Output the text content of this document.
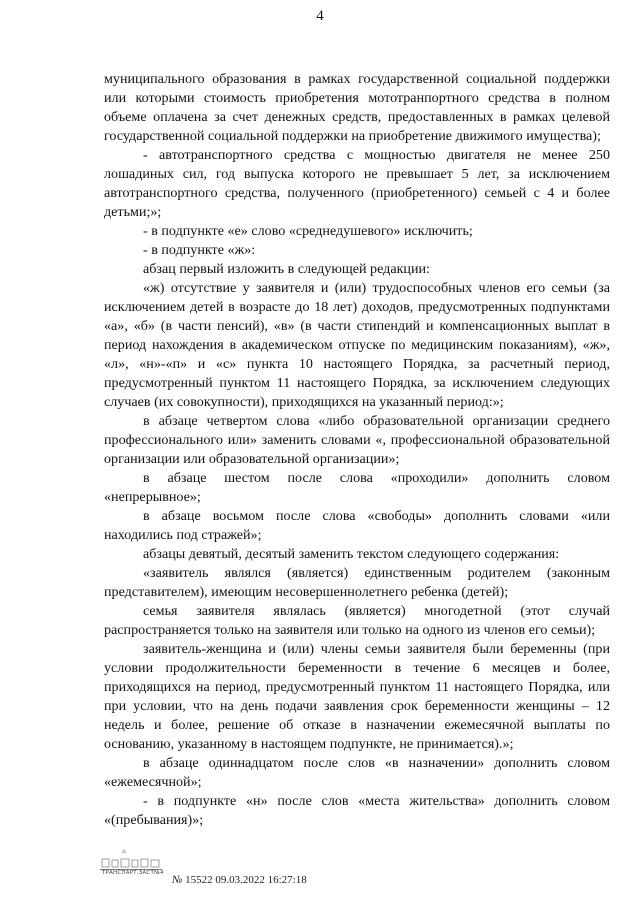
4

муниципального образования в рамках государственной социальной поддержки или которыми стоимость приобретения мототранпортного средства в полном объеме оплачена за счет денежных средств, предоставленных в рамках целевой государственной социальной поддержки на приобретение движимого имущества);

- автотранспортного средства с мощностью двигателя не менее 250 лошадиных сил, год выпуска которого не превышает 5 лет, за исключением автотранспортного средства, полученного (приобретенного) семьей с 4 и более детьми;»;

- в подпункте «е» слово «среднедушевого» исключить;

- в подпункте «ж»:

абзац первый изложить в следующей редакции:

«ж) отсутствие у заявителя и (или) трудоспособных членов его семьи (за исключением детей в возрасте до 18 лет) доходов, предусмотренных подпунктами «а», «б» (в части пенсий), «в» (в части стипендий и компенсационных выплат в период нахождения в академическом отпуске по медицинским показаниям), «ж», «л», «н»-«п» и «с» пункта 10 настоящего Порядка, за расчетный период, предусмотренный пунктом 11 настоящего Порядка, за исключением следующих случаев (их совокупности), приходящихся на указанный период:»;

в абзаце четвертом слова «либо образовательной организации среднего профессионального или» заменить словами «, профессиональной образовательной организации или образовательной организации»;

в абзаце шестом после слова «проходили» дополнить словом «непрерывное»;

в абзаце восьмом после слова «свободы» дополнить словами «или находились под стражей»;

абзацы девятый, десятый заменить текстом следующего содержания:

«заявитель являлся (является) единственным родителем (законным представителем), имеющим несовершеннолетнего ребенка (детей);

семья заявителя являлась (является) многодетной (этот случай распространяется только на заявителя или только на одного из членов его семьи);

заявитель-женщина и (или) члены семьи заявителя были беременны (при условии продолжительности беременности в течение 6 месяцев и более, приходящихся на период, предусмотренный пунктом 11 настоящего Порядка, или при условии, что на день подачи заявления срок беременности женщины – 12 недель и более, решение об отказе в назначении ежемесячной выплаты по основанию, указанному в настоящем подпункте, не принимается).»;

в абзаце одиннадцатом после слов «в назначении» дополнить словом «ежемесячной»;

- в подпункте «н» после слов «места жительства» дополнить словом «(пребывания)»;

⌂
ТРАНСПАРТ.ЗАСТ№4
№ 15522 09.03.2022 16:27:18
